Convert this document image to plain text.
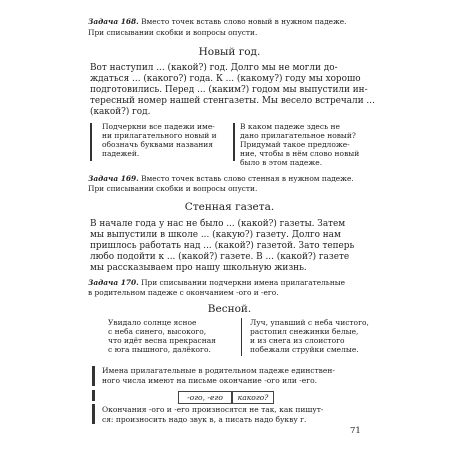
Задача 168. Вместо точек вставь слово новый в нужном падеже.

При списывании скобки и вопросы опусти.

Новый год.

Вот наступил ... (какой?) год. Долго мы не могли до-

ждаться ... (какого?) года. К ... (какому?) году мы хорошо

подготовились. Перед ... (каким?) годом мы выпустили ин-

тересный номер нашей стенгазеты. Мы весело встречали ...

(какой?) год.

Подчеркни все падежи име-

ни прилагательного новый и

обозначь буквами названия

падежей.

В каком падеже здесь не

дано прилагательное новый?

Придумай такое предложе-

ние, чтобы в нём слово новый

было в этом падеже.

Задача 169. Вместо точек вставь слово стенная в нужном падеже.

При списывании скобки и вопросы опусти.

Стенная газета.

В начале года у нас не было ... (какой?) газеты. Затем

мы выпустили в школе ... (какую?) газету. Долго нам

пришлось работать над ... (какой?) газетой. Зато теперь

любо подойти к ... (какой?) газете. В ... (какой?) газете

мы рассказываем про нашу школьную жизнь.

Задача 170. При списывании подчеркни имена прилагательные

в родительном падеже с окончанием -ого и -его.

Весной.

Увидало солнце ясное

с неба синего, высокого,

что идёт весна прекрасная

с юга пышного, далёкого.

Луч, упавший с неба чистого,

растопил снежинки белые,

и из снега из слоистого

побежали струйки смелые.

Имена прилагательные в родительном падеже единствен-

ного числа имеют на письме окончание -ого или -его.

-ого, -его	какого?

Окончания -ого и -его произносятся не так, как пишут-

ся: произносить надо звук в, а писать надо букву г.

71
